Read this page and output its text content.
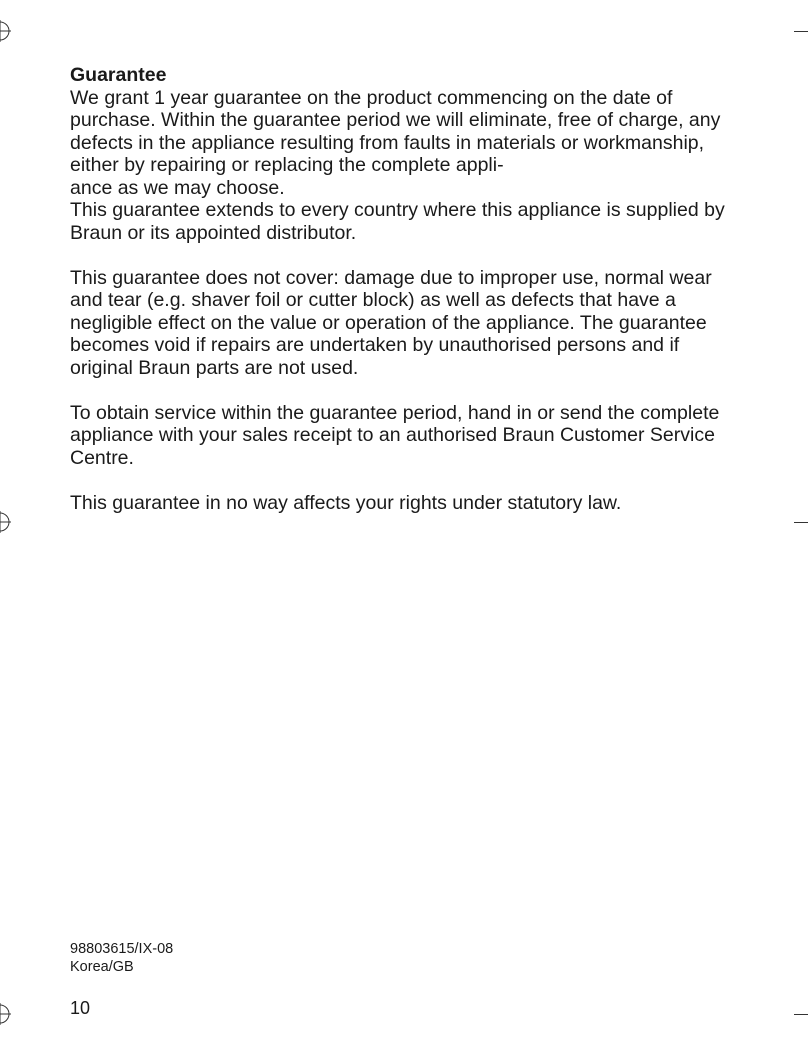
Guarantee

We grant 1 year guarantee on the product commencing on the date of
purchase. Within the guarantee period we will eliminate, free of charge, any
defects in the appliance resulting from faults in materials or workmanship,
either by repairing or replacing the complete appli-
ance as we may choose.
This guarantee extends to every country where this appliance is supplied by
Braun or its appointed distributor.

This guarantee does not cover: damage due to improper use, normal wear
and tear (e.g. shaver foil or cutter block) as well as defects that have a
negligible effect on the value or operation of the appliance. The guarantee
becomes void if repairs are undertaken by unauthorised persons and if
original Braun parts are not used.

To obtain service within the guarantee period, hand in or send the complete
appliance with your sales receipt to an authorised Braun Customer Service
Centre.

This guarantee in no way affects your rights under statutory law.

98803615/IX-08
Korea/GB
10
